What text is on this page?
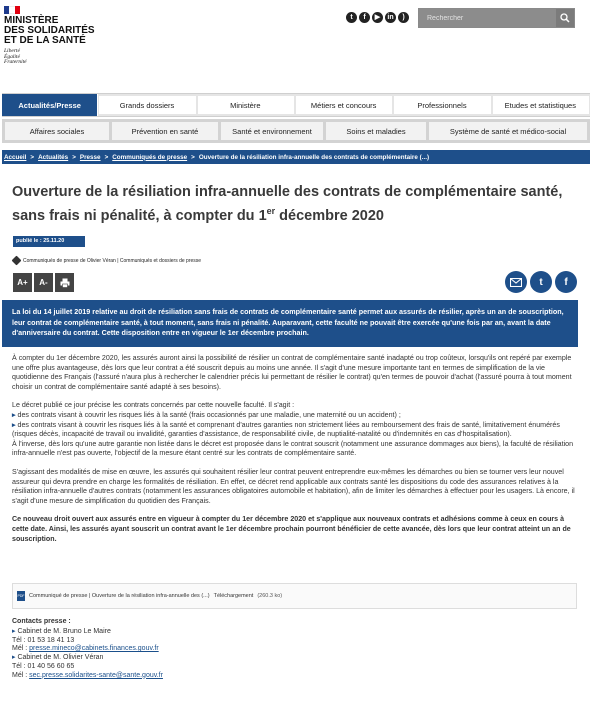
MINISTÈRE
DES SOLIDARITÉS
ET DE LA SANTÉ
Liberté
Égalité
Fraternité
t	f	▶	in	)
Rechercher
Actualités/Presse	Grands dossiers	Ministère	Métiers et concours	Professionnels	Etudes et statistiques
Affaires sociales	Prévention en santé	Santé et environnement	Soins et maladies	Système de santé et médico-social
Accueil > Actualités > Presse > Communiqués de presse > Ouverture de la résiliation infra-annuelle des contrats de complémentaire (...)
Ouverture de la résiliation infra-annuelle des contrats de complémentaire santé, sans frais ni pénalité, à compter du 1er décembre 2020
publié le : 25.11.20
Communiqués de presse de Olivier Véran | Communiqués et dossiers de presse
A+	A-	t f
La loi du 14 juillet 2019 relative au droit de résiliation sans frais de contrats de complémentaire santé permet aux assurés de résilier, après un an de souscription, leur contrat de complémentaire santé, à tout moment, sans frais ni pénalité. Auparavant, cette faculté ne pouvait être exercée qu'une fois par an, avant la date d'anniversaire du contrat. Cette disposition entre en vigueur le 1er décembre prochain.

À compter du 1er décembre 2020, les assurés auront ainsi la possibilité de résilier un contrat de complémentaire santé inadapté ou trop coûteux, lorsqu'ils ont repéré par exemple une offre plus avantageuse, dès lors que leur contrat a été souscrit depuis au moins une année. Il s'agit d'une mesure importante tant en termes de simplification de la vie quotidienne des Français (l'assuré n'aura plus à rechercher le calendrier précis lui permettant de résilier le contrat) qu'en termes de pouvoir d'achat (l'assuré pourra à tout moment choisir un contrat de complémentaire santé adapté à ses besoins).

Le décret publié ce jour précise les contrats concernés par cette nouvelle faculté. Il s'agit :
▸ des contrats visant à couvrir les risques liés à la santé (frais occasionnés par une maladie, une maternité ou un accident) ;
▸ des contrats visant à couvrir les risques liés à la santé et comprenant d'autres garanties non strictement liées au remboursement des frais de santé, limitativement énumérés (risques décès, incapacité de travail ou invalidité, garanties d'assistance, de responsabilité civile, de nuptialité-natalité ou d'indemnités en cas d'hospitalisation).
À l'inverse, dès lors qu'une autre garantie non listée dans le décret est proposée dans le contrat souscrit (notamment une assurance dommages aux biens), la faculté de résiliation infra-annuelle n'est pas ouverte, l'objectif de la mesure étant centré sur les contrats de complémentaire santé.

S'agissant des modalités de mise en œuvre, les assurés qui souhaitent résilier leur contrat peuvent entreprendre eux-mêmes les démarches ou bien se tourner vers leur nouvel assureur qui devra prendre en charge les formalités de résiliation. En effet, ce décret rend applicable aux contrats santé les dispositions du code des assurances relatives à la résiliation infra-annuelle d'autres contrats (notamment les assurances obligatoires automobile et habitation), afin de limiter les démarches à effectuer pour les usagers. Là encore, il s'agit d'une mesure de simplification du quotidien des Français.

Ce nouveau droit ouvert aux assurés entre en vigueur à compter du 1er décembre 2020 et s'applique aux nouveaux contrats et adhésions comme à ceux en cours à cette date. Ainsi, les assurés ayant souscrit un contrat avant le 1er décembre prochain pourront bénéficier de cette avancée, dès lors que leur contrat atteint un an de souscription.

PDF Communiqué de presse | Ouverture de la résiliation infra-annuelle des (...) Téléchargement (260.3 ko)
Contacts presse :
▸ Cabinet de M. Bruno Le Maire
Tél : 01 53 18 41 13
Mél : presse.mineco@cabinets.finances.gouv.fr
▸ Cabinet de M. Olivier Véran
Tél : 01 40 56 60 65
Mél : sec.presse.solidarites-sante@sante.gouv.fr
